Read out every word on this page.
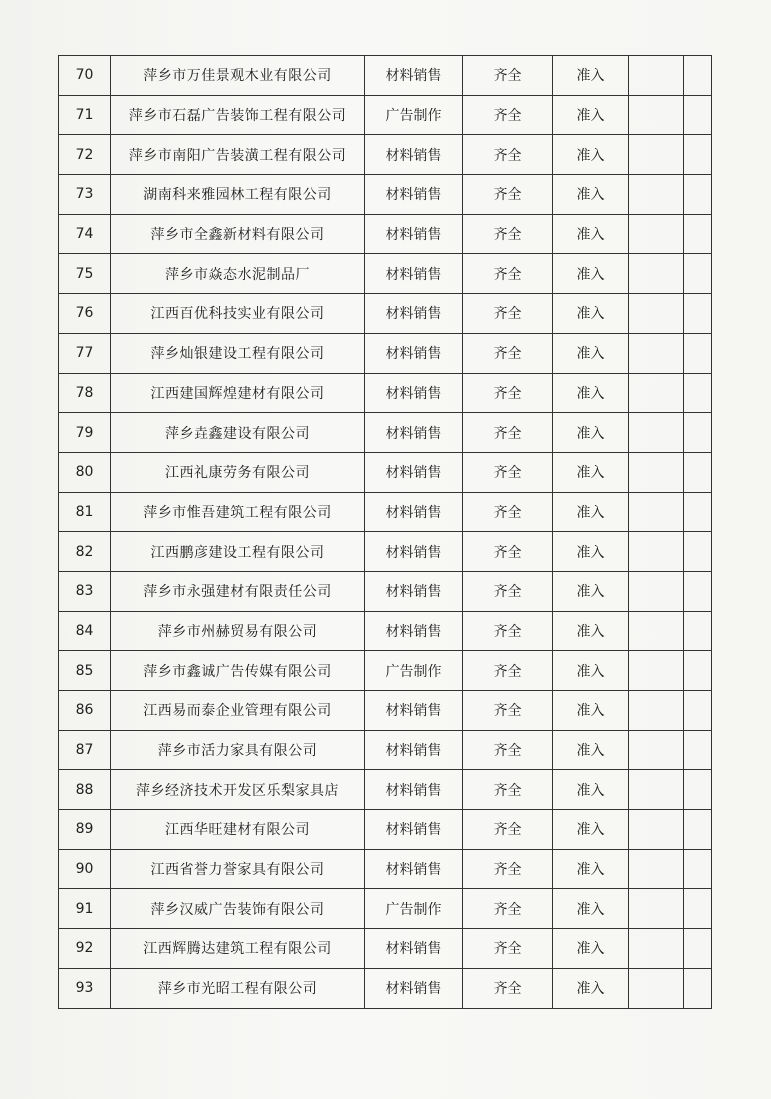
70	萍乡市万佳景观木业有限公司	材料销售	齐全	准入		
71	萍乡市石磊广告装饰工程有限公司	广告制作	齐全	准入		
72	萍乡市南阳广告装潢工程有限公司	材料销售	齐全	准入		
73	湖南科来雅园林工程有限公司	材料销售	齐全	准入		
74	萍乡市全鑫新材料有限公司	材料销售	齐全	准入		
75	萍乡市焱态水泥制品厂	材料销售	齐全	准入		
76	江西百优科技实业有限公司	材料销售	齐全	准入		
77	萍乡灿银建设工程有限公司	材料销售	齐全	准入		
78	江西建国辉煌建材有限公司	材料销售	齐全	准入		
79	萍乡垚鑫建设有限公司	材料销售	齐全	准入		
80	江西礼康劳务有限公司	材料销售	齐全	准入		
81	萍乡市惟吾建筑工程有限公司	材料销售	齐全	准入		
82	江西鹏彦建设工程有限公司	材料销售	齐全	准入		
83	萍乡市永强建材有限责任公司	材料销售	齐全	准入		
84	萍乡市州赫贸易有限公司	材料销售	齐全	准入		
85	萍乡市鑫诚广告传媒有限公司	广告制作	齐全	准入		
86	江西易而泰企业管理有限公司	材料销售	齐全	准入		
87	萍乡市活力家具有限公司	材料销售	齐全	准入		
88	萍乡经济技术开发区乐梨家具店	材料销售	齐全	准入		
89	江西华旺建材有限公司	材料销售	齐全	准入		
90	江西省誉力誉家具有限公司	材料销售	齐全	准入		
91	萍乡汉威广告装饰有限公司	广告制作	齐全	准入		
92	江西辉腾达建筑工程有限公司	材料销售	齐全	准入		
93	萍乡市光昭工程有限公司	材料销售	齐全	准入		
